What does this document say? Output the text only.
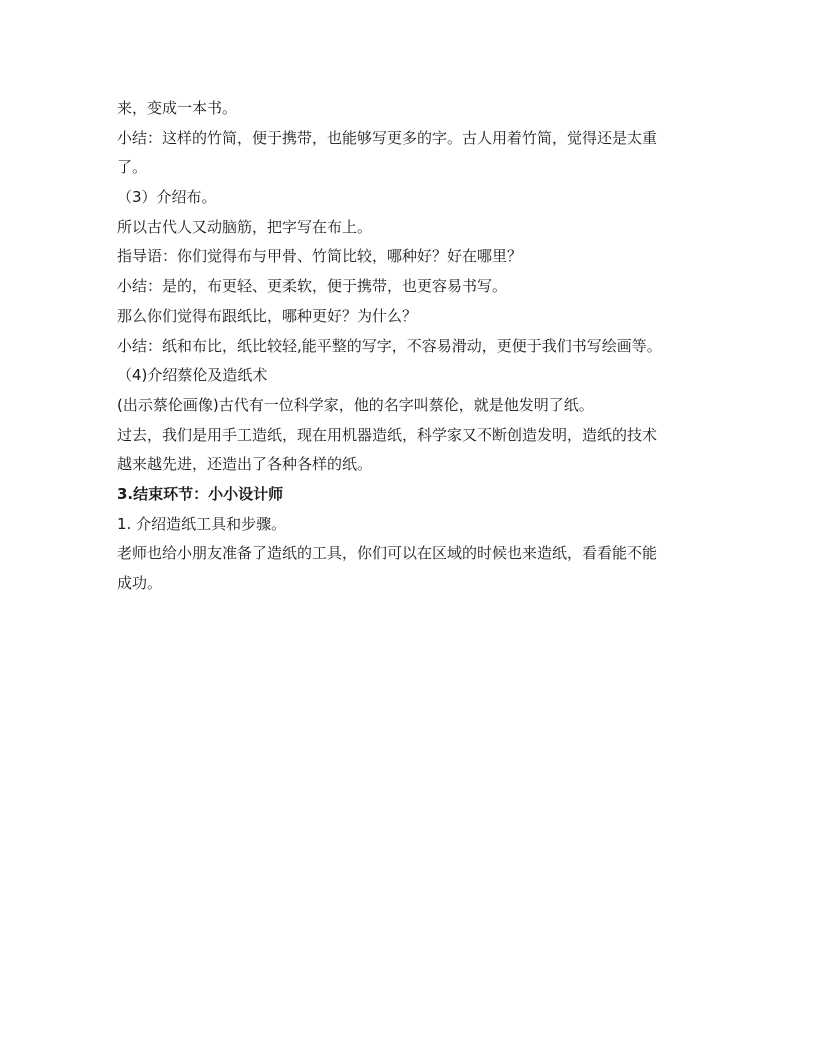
来，变成一本书。
小结：这样的竹简，便于携带，也能够写更多的字。古人用着竹简，觉得还是太重
了。
（3）介绍布。
所以古代人又动脑筋，把字写在布上。
指导语：你们觉得布与甲骨、竹简比较，哪种好？好在哪里？
小结：是的，布更轻、更柔软，便于携带，也更容易书写。
那么你们觉得布跟纸比，哪种更好？为什么？
小结：纸和布比，纸比较轻,能平整的写字，不容易滑动，更便于我们书写绘画等。
（4)介绍蔡伦及造纸术
(出示蔡伦画像)古代有一位科学家，他的名字叫蔡伦，就是他发明了纸。
过去，我们是用手工造纸，现在用机器造纸，科学家又不断创造发明，造纸的技术
越来越先进，还造出了各种各样的纸。
3.结束环节：小小设计师
1. 介绍造纸工具和步骤。
老师也给小朋友准备了造纸的工具，你们可以在区域的时候也来造纸，看看能不能
成功。
